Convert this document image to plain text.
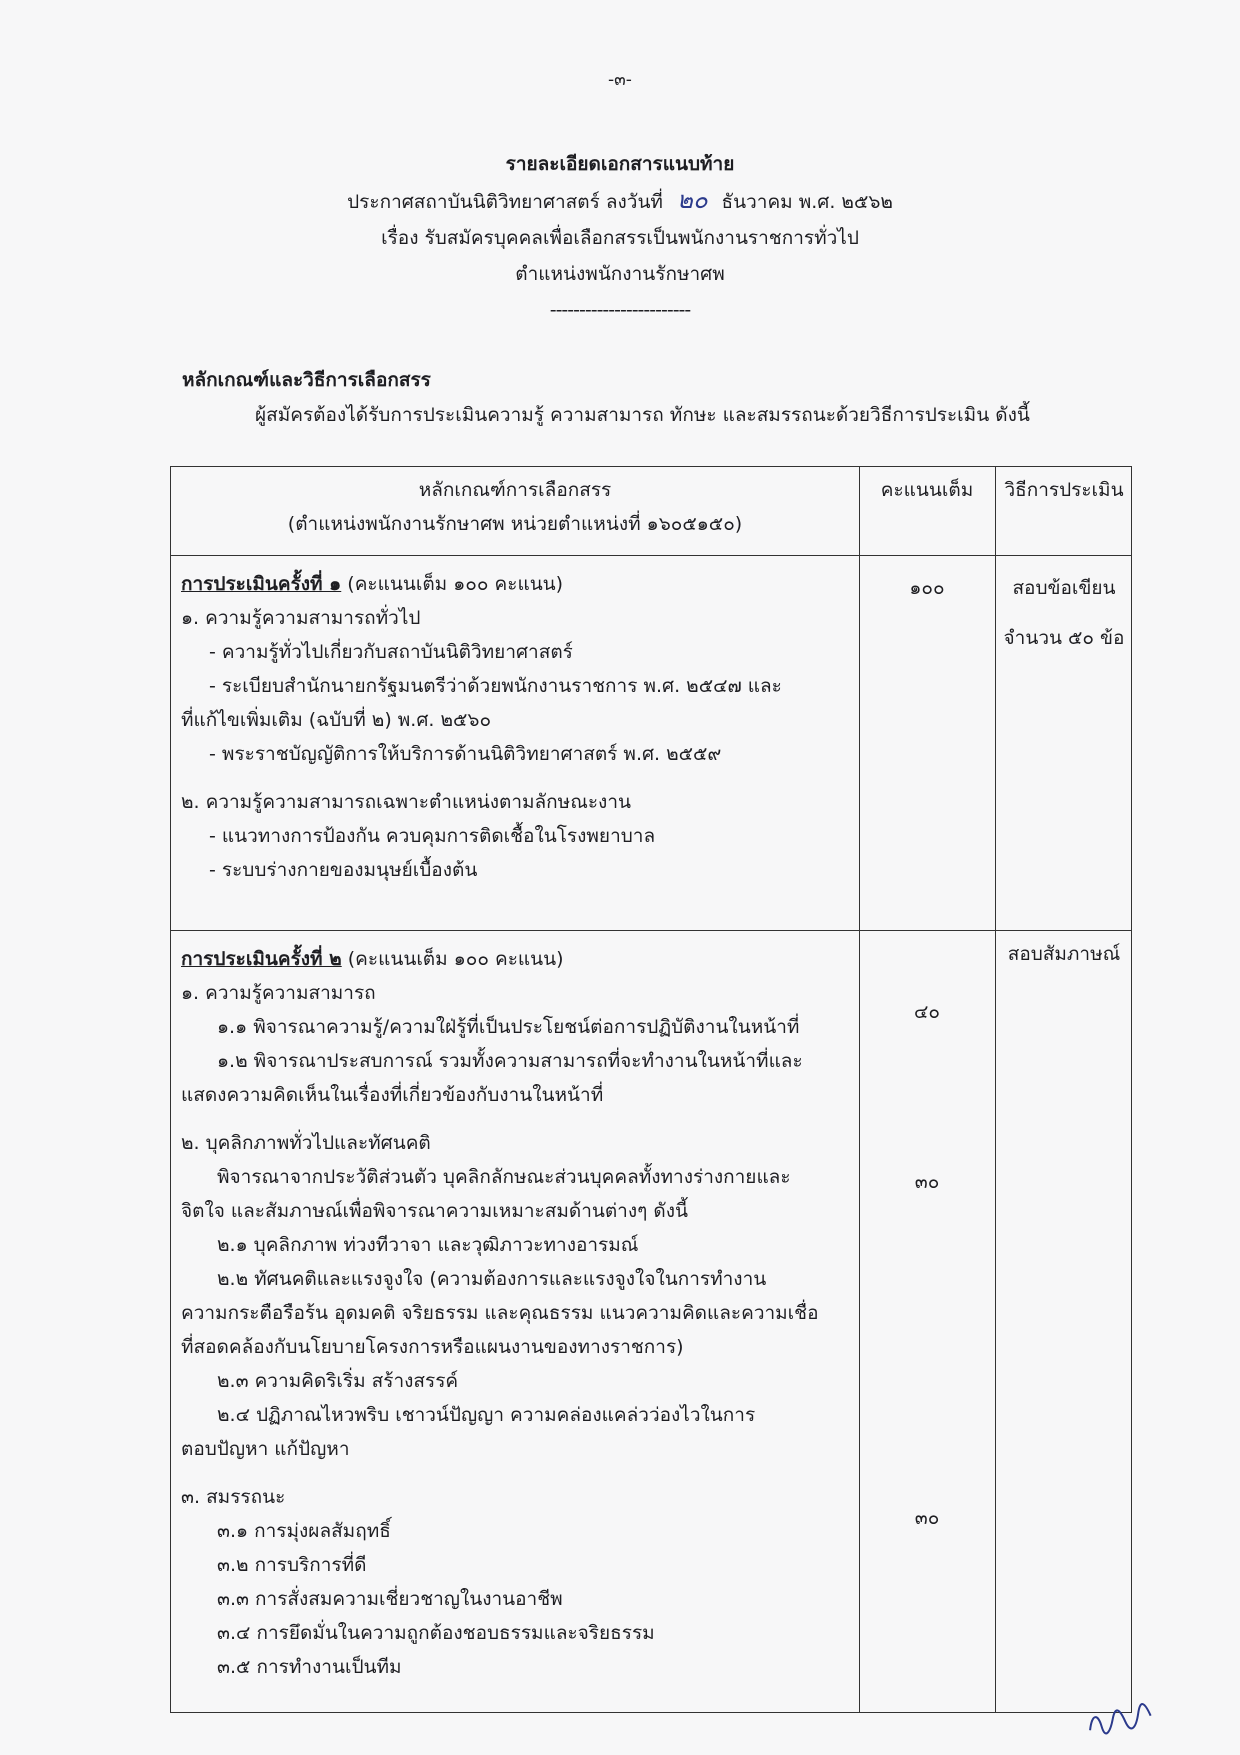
-๓-
รายละเอียดเอกสารแนบท้าย
ประกาศสถาบันนิติวิทยาศาสตร์ ลงวันที่ ๒๐ ธันวาคม พ.ศ. ๒๕๖๒
เรื่อง รับสมัครบุคคลเพื่อเลือกสรรเป็นพนักงานราชการทั่วไป
ตำแหน่งพนักงานรักษาศพ
------------------------
หลักเกณฑ์และวิธีการเลือกสรร
ผู้สมัครต้องได้รับการประเมินความรู้ ความสามารถ ทักษะ และสมรรถนะด้วยวิธีการประเมิน ดังนี้
หลักเกณฑ์การเลือกสรร
(ตำแหน่งพนักงานรักษาศพ หน่วยตำแหน่งที่ ๑๖๐๕๑๕๐)
คะแนนเต็ม	วิธีการประเมิน
การประเมินครั้งที่ ๑ (คะแนนเต็ม ๑๐๐ คะแนน)
๑. ความรู้ความสามารถทั่วไป
- ความรู้ทั่วไปเกี่ยวกับสถาบันนิติวิทยาศาสตร์
- ระเบียบสำนักนายกรัฐมนตรีว่าด้วยพนักงานราชการ พ.ศ. ๒๕๔๗ และ
ที่แก้ไขเพิ่มเติม (ฉบับที่ ๒) พ.ศ. ๒๕๖๐
- พระราชบัญญัติการให้บริการด้านนิติวิทยาศาสตร์ พ.ศ. ๒๕๕๙
๒. ความรู้ความสามารถเฉพาะตำแหน่งตามลักษณะงาน
- แนวทางการป้องกัน ควบคุมการติดเชื้อในโรงพยาบาล
- ระบบร่างกายของมนุษย์เบื้องต้น
๑๐๐	สอบข้อเขียน
จำนวน ๕๐ ข้อ
การประเมินครั้งที่ ๒ (คะแนนเต็ม ๑๐๐ คะแนน)
๑. ความรู้ความสามารถ
๑.๑ พิจารณาความรู้/ความใฝ่รู้ที่เป็นประโยชน์ต่อการปฏิบัติงานในหน้าที่
๑.๒ พิจารณาประสบการณ์ รวมทั้งความสามารถที่จะทำงานในหน้าที่และ
แสดงความคิดเห็นในเรื่องที่เกี่ยวข้องกับงานในหน้าที่
๒. บุคลิกภาพทั่วไปและทัศนคติ
พิจารณาจากประวัติส่วนตัว บุคลิกลักษณะส่วนบุคคลทั้งทางร่างกายและ
จิตใจ และสัมภาษณ์เพื่อพิจารณาความเหมาะสมด้านต่างๆ ดังนี้
๒.๑ บุคลิกภาพ ท่วงทีวาจา และวุฒิภาวะทางอารมณ์
๒.๒ ทัศนคติและแรงจูงใจ (ความต้องการและแรงจูงใจในการทำงาน
ความกระตือรือร้น อุดมคติ จริยธรรม และคุณธรรม แนวความคิดและความเชื่อ
ที่สอดคล้องกับนโยบายโครงการหรือแผนงานของทางราชการ)
๒.๓ ความคิดริเริ่ม สร้างสรรค์
๒.๔ ปฏิภาณไหวพริบ เชาวน์ปัญญา ความคล่องแคล่วว่องไวในการ
ตอบปัญหา แก้ปัญหา
๓. สมรรถนะ
๓.๑ การมุ่งผลสัมฤทธิ์
๓.๒ การบริการที่ดี
๓.๓ การสั่งสมความเชี่ยวชาญในงานอาชีพ
๓.๔ การยึดมั่นในความถูกต้องชอบธรรมและจริยธรรม
๓.๕ การทำงานเป็นทีม
สอบสัมภาษณ์
๔๐
๓๐
๓๐
